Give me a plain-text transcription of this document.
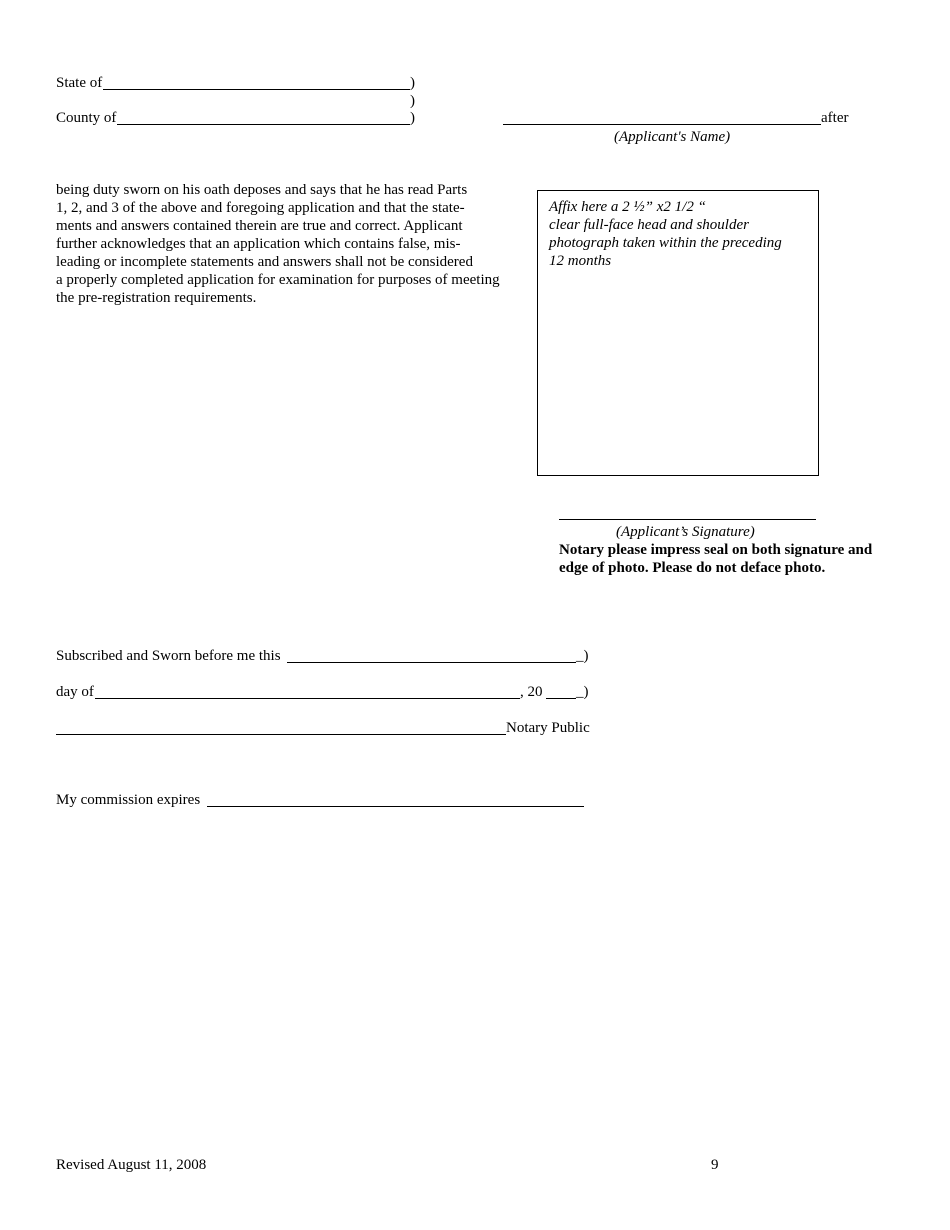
State of	)
)
County of	)	after
(Applicant's Name)
being duty sworn on his oath deposes and says that he has read Parts
1, 2, and 3 of the above and foregoing application and that the state-
ments and answers contained therein are true and correct. Applicant
further acknowledges that an application which contains false, mis-
leading or incomplete statements and answers shall not be considered
a properly completed application for examination for purposes of meeting
the pre-registration requirements.
Affix here a 2 ½” x2 1/2 “
clear full-face head and shoulder
photograph taken within the preceding
12 months
(Applicant’s Signature)
Notary please impress seal on both signature and
edge of photo. Please do not deface photo.
Subscribed and Sworn before me this	_)
day of	, 20 _)
Notary Public
My commission expires
Revised August 11, 2008	9
